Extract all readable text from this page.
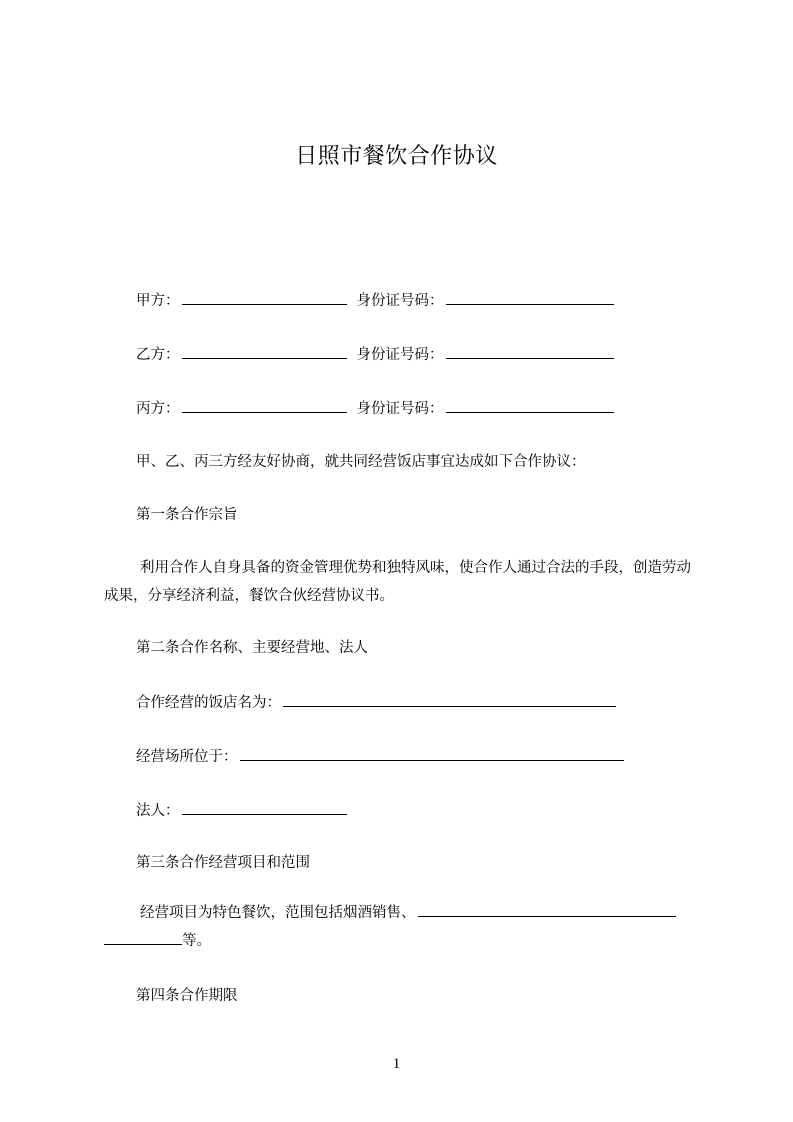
日照市餐饮合作协议
甲方：	身份证号码：
乙方：	身份证号码：
丙方：	身份证号码：
甲、乙、丙三方经友好协商，就共同经营饭店事宜达成如下合作协议：
第一条合作宗旨
利用合作人自身具备的资金管理优势和独特风味，使合作人通过合法的手段，创造劳动成果，分享经济利益，餐饮合伙经营协议书。
第二条合作名称、主要经营地、法人
合作经营的饭店名为：
经营场所位于：
法人：
第三条合作经营项目和范围
经营项目为特色餐饮，范围包括烟酒销售、
等。
第四条合作期限
1
